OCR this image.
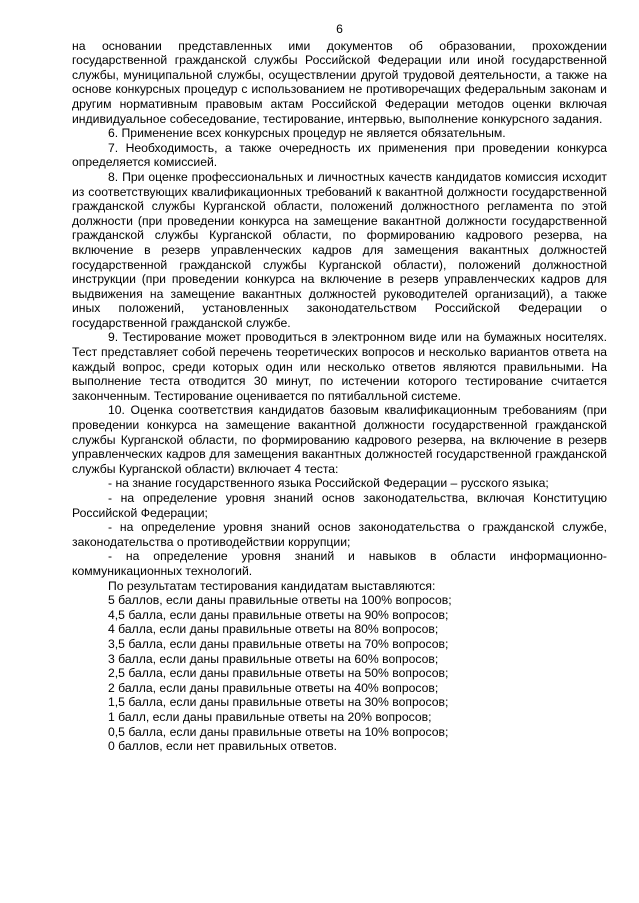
6

на основании представленных ими документов об образовании, прохождении государственной гражданской службы Российской Федерации или иной государственной службы, муниципальной службы, осуществлении другой трудовой деятельности, а также на основе конкурсных процедур с использованием не противоречащих федеральным законам и другим нормативным правовым актам Российской Федерации методов оценки включая индивидуальное собеседование, тестирование, интервью, выполнение конкурсного задания.

6. Применение всех конкурсных процедур не является обязательным.

7. Необходимость, а также очередность их применения при проведении конкурса определяется комиссией.

8. При оценке профессиональных и личностных качеств кандидатов комиссия исходит из соответствующих квалификационных требований к вакантной должности государственной гражданской службы Курганской области, положений должностного регламента по этой должности (при проведении конкурса на замещение вакантной должности государственной гражданской службы Курганской области, по формированию кадрового резерва, на включение в резерв управленческих кадров для замещения вакантных должностей государственной гражданской службы Курганской области), положений должностной инструкции (при проведении конкурса на включение в резерв управленческих кадров для выдвижения на замещение вакантных должностей руководителей организаций), а также иных положений, установленных законодательством Российской Федерации о государственной гражданской службе.

9. Тестирование может проводиться в электронном виде или на бумажных носителях. Тест представляет собой перечень теоретических вопросов и несколько вариантов ответа на каждый вопрос, среди которых один или несколько ответов являются правильными. На выполнение теста отводится 30 минут, по истечении которого тестирование считается законченным. Тестирование оценивается по пятибалльной системе.

10. Оценка соответствия кандидатов базовым квалификационным требованиям (при проведении конкурса на замещение вакантной должности государственной гражданской службы Курганской области, по формированию кадрового резерва, на включение в резерв управленческих кадров для замещения вакантных должностей государственной гражданской службы Курганской области) включает 4 теста:

- на знание государственного языка Российской Федерации – русского языка;

- на определение уровня знаний основ законодательства, включая Конституцию Российской Федерации;

- на определение уровня знаний основ законодательства о гражданской службе, законодательства о противодействии коррупции;

- на определение уровня знаний и навыков в области информационно-коммуникационных технологий.

По результатам тестирования кандидатам выставляются:

5 баллов, если даны правильные ответы на 100% вопросов;

4,5 балла, если даны правильные ответы на 90% вопросов;

4 балла, если даны правильные ответы на 80% вопросов;

3,5 балла, если даны правильные ответы на 70% вопросов;

3 балла, если даны правильные ответы на 60% вопросов;

2,5 балла, если даны правильные ответы на 50% вопросов;

2 балла, если даны правильные ответы на 40% вопросов;

1,5 балла, если даны правильные ответы на 30% вопросов;

1 балл, если даны правильные ответы на 20% вопросов;

0,5 балла, если даны правильные ответы на 10% вопросов;

0 баллов, если нет правильных ответов.
